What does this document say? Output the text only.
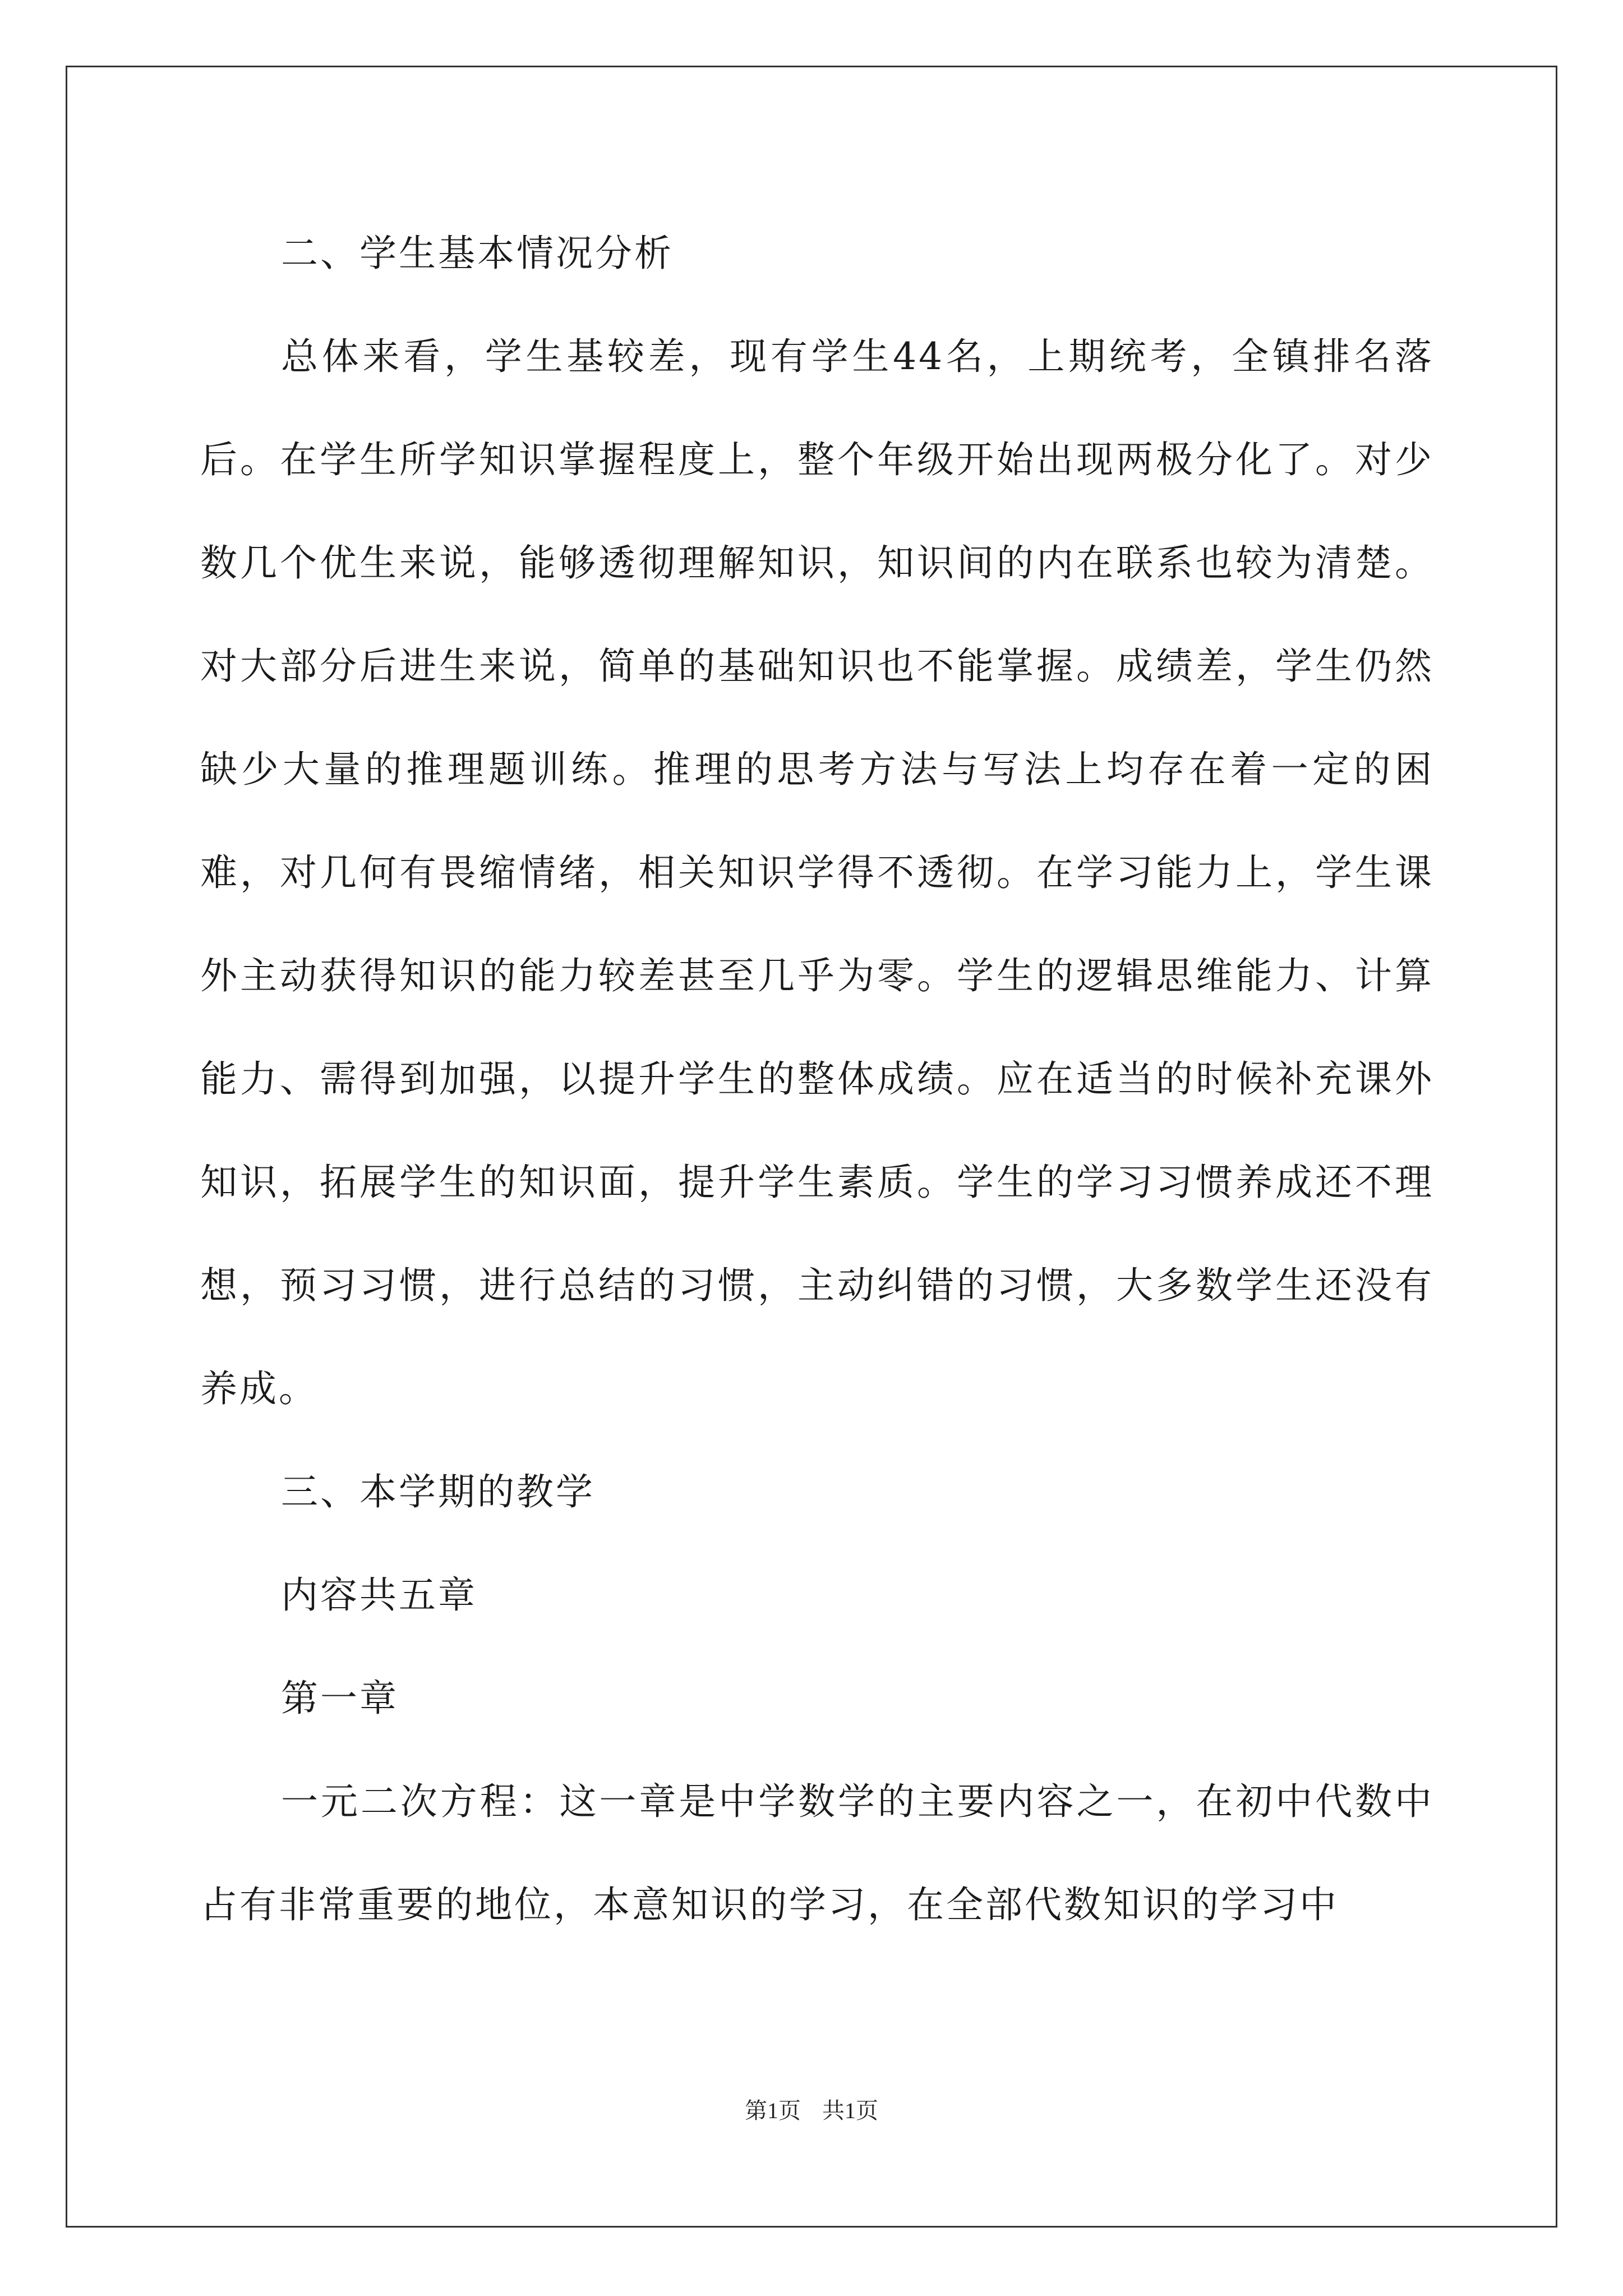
二、学生基本情况分析

总体来看，学生基较差，现有学生44名，上期统考，全镇排名落后。在学生所学知识掌握程度上，整个年级开始出现两极分化了。对少数几个优生来说，能够透彻理解知识，知识间的内在联系也较为清楚。对大部分后进生来说，简单的基础知识也不能掌握。成绩差，学生仍然缺少大量的推理题训练。推理的思考方法与写法上均存在着一定的困难，对几何有畏缩情绪，相关知识学得不透彻。在学习能力上，学生课外主动获得知识的能力较差甚至几乎为零。学生的逻辑思维能力、计算能力、需得到加强，以提升学生的整体成绩。应在适当的时候补充课外知识，拓展学生的知识面，提升学生素质。学生的学习习惯养成还不理想，预习习惯，进行总结的习惯，主动纠错的习惯，大多数学生还没有养成。

三、本学期的教学

内容共五章

第一章

一元二次方程：这一章是中学数学的主要内容之一，在初中代数中占有非常重要的地位，本意知识的学习，在全部代数知识的学习中

第1页 共1页
